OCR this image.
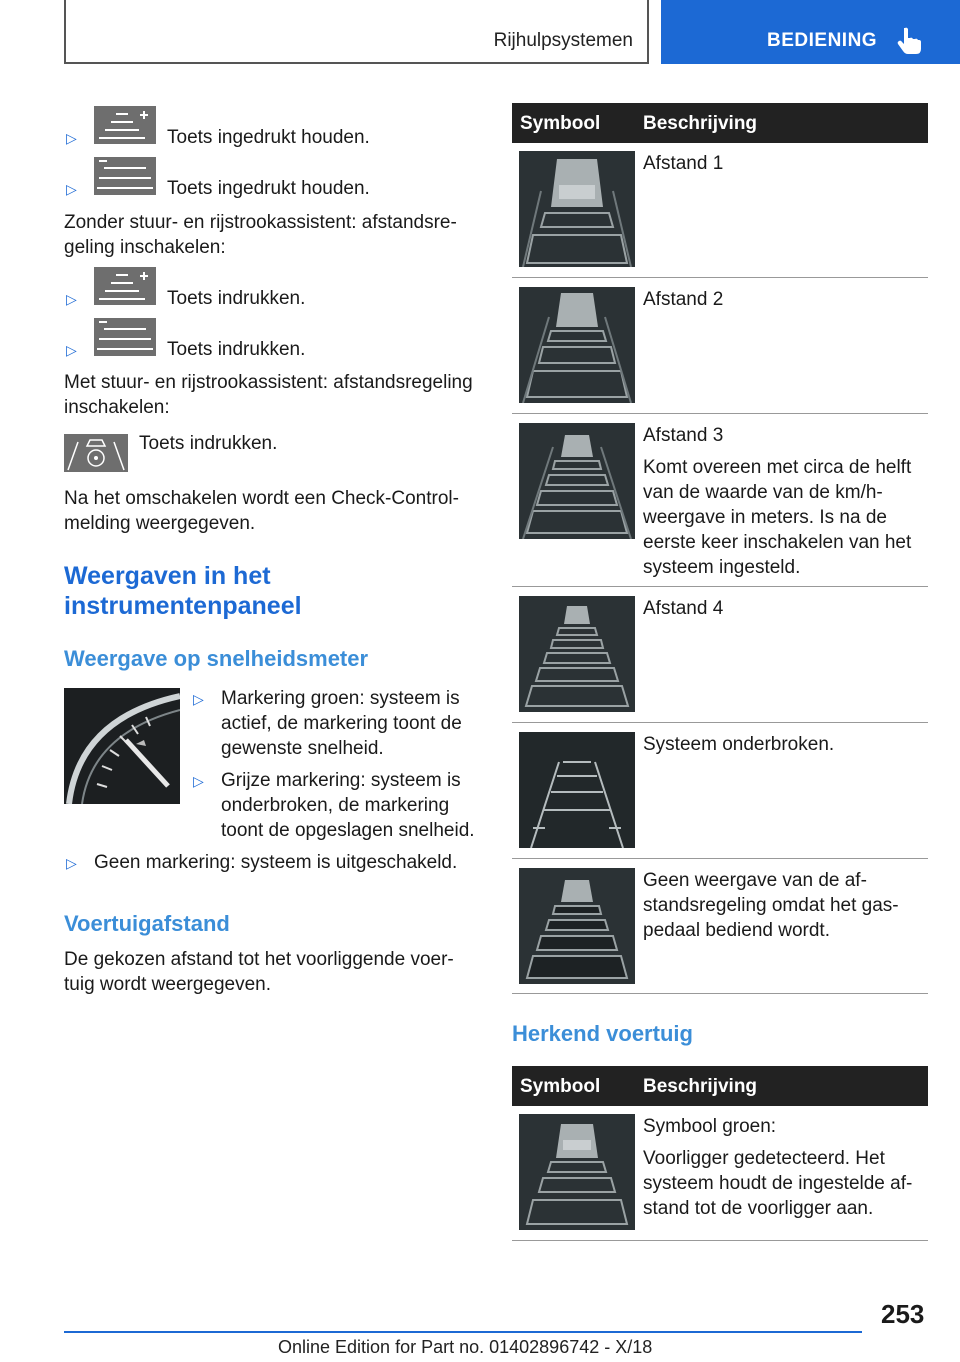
Rijhulpsystemen	BEDIENING
▷	Toets ingedrukt houden.
▷	Toets ingedrukt houden.
Zonder stuur- en rijstrookassistent: afstandsre-
geling inschakelen:
▷	Toets indrukken.
▷	Toets indrukken.
Met stuur- en rijstrookassistent: afstandsregeling
inschakelen:
Toets indrukken.
Na het omschakelen wordt een Check-Control-
melding weergegeven.
Weergaven in het
instrumentenpaneel
Weergave op snelheidsmeter
▷ Markering groen: systeem is
actief, de markering toont de
gewenste snelheid.
▷ Grijze markering: systeem is
onderbroken, de markering
toont de opgeslagen snelheid.
▷ Geen markering: systeem is uitgeschakeld.
Voertuigafstand
De gekozen afstand tot het voorliggende voer-
tuig wordt weergegeven.
Symbool Beschrijving

Afstand 1

Afstand 2

Afstand 3

Komt overeen met circa de helft
van de waarde van de km/h-
weergave in meters. Is na de
eerste keer inschakelen van het
systeem ingesteld.

Afstand 4

Systeem onderbroken.

Geen weergave van de af-
standsregeling omdat het gas-
pedaal bediend wordt.
Herkend voertuig
Symbool Beschrijving

Symbool groen:

Voorligger gedetecteerd. Het
systeem houdt de ingestelde af-
stand tot de voorligger aan.
253
Online Edition for Part no. 01402896742 - X/18
